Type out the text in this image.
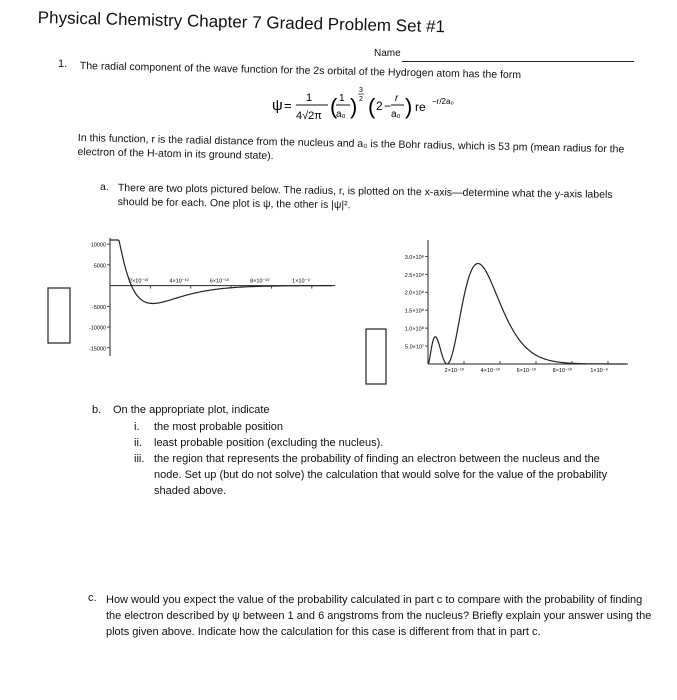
Physical Chemistry Chapter 7 Graded Problem Set #1
Name
1. The radial component of the wave function for the 2s orbital of the Hydrogen atom has the form
ψ = 1
4√2π ( 1
a₀ )
3
2 ( 2 −
r
a₀ ) re −r/2a₀
In this function, r is the radial distance from the nucleus and a₀ is the Bohr radius, which is 53 pm (mean radius for the electron of the H-atom in its ground state).
a. There are two plots pictured below. The radius, r, is plotted on the x-axis—determine what the y-axis labels should be for each. One plot is ψ, the other is |ψ|².
10000
5000
-5000
-10000
-15000
2×10⁻¹⁰	4×10⁻¹⁰	6×10⁻¹⁰	8×10⁻¹⁰	1×10⁻⁹
3.0×10⁸
2.5×10⁸
2.0×10⁸
1.5×10⁸
1.0×10⁸
5.0×10⁷
2×10⁻¹⁰	4×10⁻¹⁰	6×10⁻¹⁰	8×10⁻¹⁰	1×10⁻⁹
b. On the appropriate plot, indicate
i. the most probable position
ii. least probable position (excluding the nucleus).
iii. the region that represents the probability of finding an electron between the nucleus and the
node. Set up (but do not solve) the calculation that would solve for the value of the probability
shaded above.
c. How would you expect the value of the probability calculated in part c to compare with the probability of finding the electron described by ψ between 1 and 6 angstroms from the nucleus? Briefly explain your answer using the plots given above. Indicate how the calculation for this case is different from that in part c.
